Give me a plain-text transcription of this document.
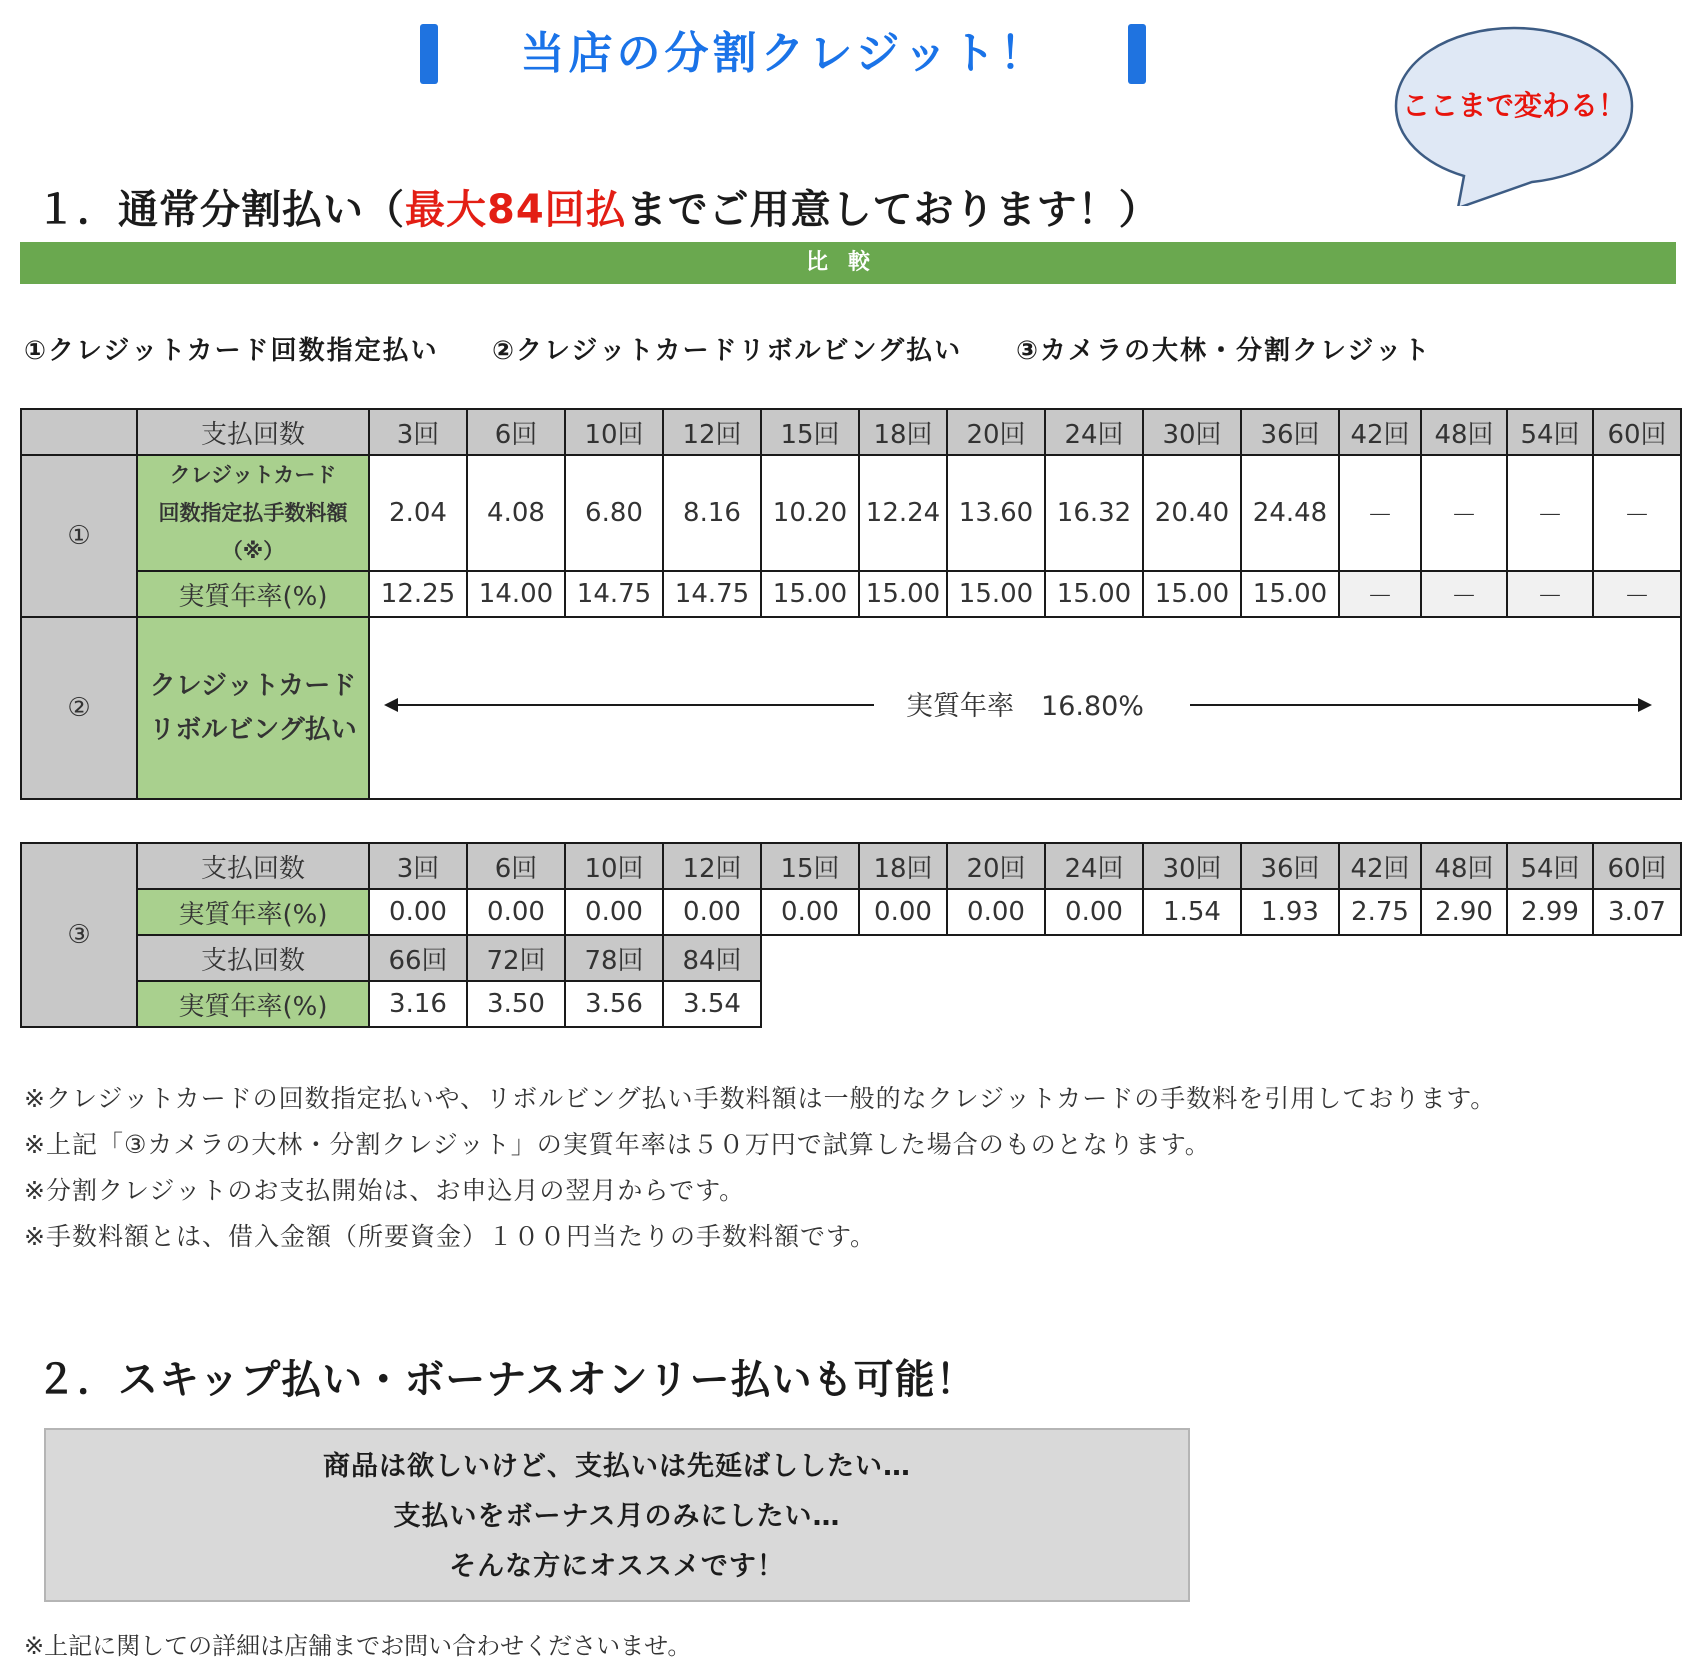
当店の分割クレジット！
ここまで変わる！
１．通常分割払い（最大84回払までご用意しております！）
比較
①クレジットカード回数指定払い ②クレジットカードリボルビング払い ③カメラの大林・分割クレジット
	支払回数	3回	6回	10回	12回	15回	18回	20回	24回	30回	36回	42回	48回	54回	60回
①	クレジットカード
回数指定払手数料額
（※）	2.04	4.08	6.80	8.16	10.20	12.24	13.60	16.32	20.40	24.48	－	－	－	－
	実質年率(%)	12.25	14.00	14.75	14.75	15.00	15.00	15.00	15.00	15.00	15.00	－	－	－	－
②	クレジットカード
リボルビング払い	実質年率　16.80%													
③	支払回数	3回	6回	10回	12回	15回	18回	20回	24回	30回	36回	42回	48回	54回	60回
	実質年率(%)	0.00	0.00	0.00	0.00	0.00	0.00	0.00	0.00	1.54	1.93	2.75	2.90	2.99	3.07
	支払回数	66回	72回	78回	84回										
	実質年率(%)	3.16	3.50	3.56	3.54										
※クレジットカードの回数指定払いや、リボルビング払い手数料額は一般的なクレジットカードの手数料を引用しております。
※上記「③カメラの大林・分割クレジット」の実質年率は５０万円で試算した場合のものとなります。
※分割クレジットのお支払開始は、お申込月の翌月からです。
※手数料額とは、借入金額（所要資金）１００円当たりの手数料額です。
２．スキップ払い・ボーナスオンリー払いも可能！
商品は欲しいけど、支払いは先延ばししたい…
支払いをボーナス月のみにしたい…
そんな方にオススメです！
※上記に関しての詳細は店舗までお問い合わせくださいませ。
